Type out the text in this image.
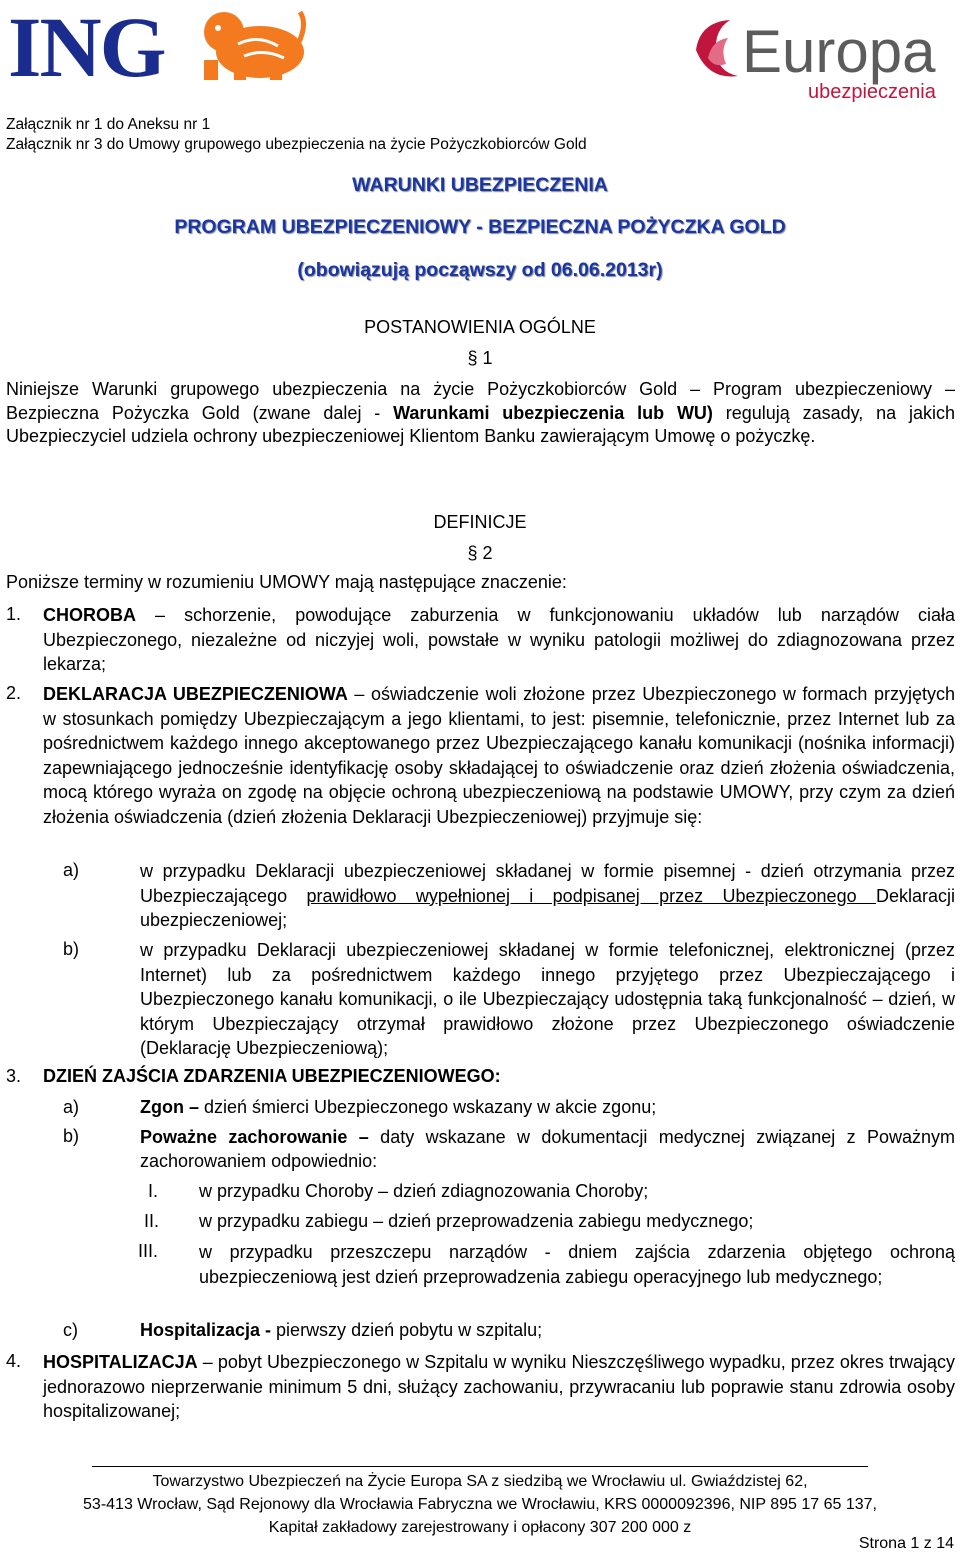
ING	Europa
ubezpieczenia
Załącznik nr 1 do Aneksu nr 1
Załącznik nr 3 do Umowy grupowego ubezpieczenia na życie Pożyczkobiorców Gold
WARUNKI UBEZPIECZENIA
PROGRAM UBEZPIECZENIOWY - BEZPIECZNA POŻYCZKA GOLD
(obowiązują począwszy od 06.06.2013r)
POSTANOWIENIA OGÓLNE
§ 1
Niniejsze Warunki grupowego ubezpieczenia na życie Pożyczkobiorców Gold – Program ubezpieczeniowy – Bezpieczna Pożyczka Gold (zwane dalej - Warunkami ubezpieczenia lub WU) regulują zasady, na jakich Ubezpieczyciel udziela ochrony ubezpieczeniowej Klientom Banku zawierającym Umowę o pożyczkę.
DEFINICJE
§ 2
Poniższe terminy w rozumieniu UMOWY mają następujące znaczenie:
1. CHOROBA – schorzenie, powodujące zaburzenia w funkcjonowaniu układów lub narządów ciała Ubezpieczonego, niezależne od niczyjej woli, powstałe w wyniku patologii możliwej do zdiagnozowana przez lekarza;
2. DEKLARACJA UBEZPIECZENIOWA – oświadczenie woli złożone przez Ubezpieczonego w formach przyjętych w stosunkach pomiędzy Ubezpieczającym a jego klientami, to jest: pisemnie, telefonicznie, przez Internet lub za pośrednictwem każdego innego akceptowanego przez Ubezpieczającego kanału komunikacji (nośnika informacji) zapewniającego jednocześnie identyfikację osoby składającej to oświadczenie oraz dzień złożenia oświadczenia, mocą którego wyraża on zgodę na objęcie ochroną ubezpieczeniową na podstawie UMOWY, przy czym za dzień złożenia oświadczenia (dzień złożenia Deklaracji Ubezpieczeniowej) przyjmuje się:
a)	w przypadku Deklaracji ubezpieczeniowej składanej w formie pisemnej - dzień otrzymania przez Ubezpieczającego prawidłowo wypełnionej i podpisanej przez Ubezpieczonego Deklaracji ubezpieczeniowej;
b)	w przypadku Deklaracji ubezpieczeniowej składanej w formie telefonicznej, elektronicznej (przez Internet) lub za pośrednictwem każdego innego przyjętego przez Ubezpieczającego i Ubezpieczonego kanału komunikacji, o ile Ubezpieczający udostępnia taką funkcjonalność – dzień, w którym Ubezpieczający otrzymał prawidłowo złożone przez Ubezpieczonego oświadczenie (Deklarację Ubezpieczeniową);
3. DZIEŃ ZAJŚCIA ZDARZENIA UBEZPIECZENIOWEGO:
a)	Zgon – dzień śmierci Ubezpieczonego wskazany w akcie zgonu;
b)	Poważne zachorowanie – daty wskazane w dokumentacji medycznej związanej z Poważnym zachorowaniem odpowiednio:
I. w przypadku Choroby – dzień zdiagnozowania Choroby;
II. w przypadku zabiegu – dzień przeprowadzenia zabiegu medycznego;
III. w przypadku przeszczepu narządów - dniem zajścia zdarzenia objętego ochroną ubezpieczeniową jest dzień przeprowadzenia zabiegu operacyjnego lub medycznego;
c)	Hospitalizacja - pierwszy dzień pobytu w szpitalu;
4. HOSPITALIZACJA – pobyt Ubezpieczonego w Szpitalu w wyniku Nieszczęśliwego wypadku, przez okres trwający jednorazowo nieprzerwanie minimum 5 dni, służący zachowaniu, przywracaniu lub poprawie stanu zdrowia osoby hospitalizowanej;
Towarzystwo Ubezpieczeń na Życie Europa SA z siedzibą we Wrocławiu ul. Gwiaździstej 62,
53-413 Wrocław, Sąd Rejonowy dla Wrocławia Fabryczna we Wrocławiu, KRS 0000092396, NIP 895 17 65 137,
Kapitał zakładowy zarejestrowany i opłacony 307 200 000 z
Strona 1 z 14
